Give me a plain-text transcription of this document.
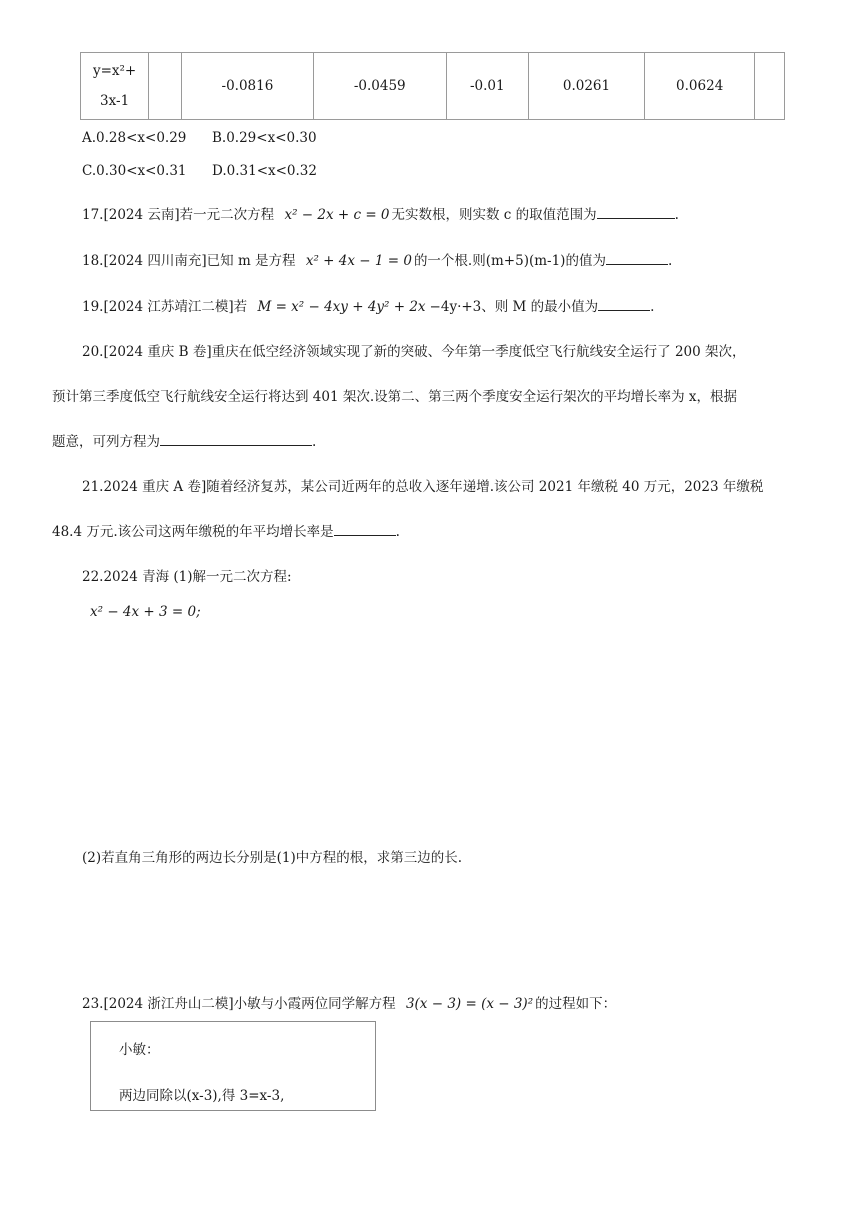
y=x²+
3x-1
		-0.0816	-0.0459	-0.01	0.0261	0.0624	
A.0.28<x<0.29 B.0.29<x<0.30
C.0.30<x<0.31 D.0.31<x<0.32
17.[2024 云南]若一元二次方程 x² − 2x + c = 0 无实数根，则实数 c 的取值范围为	.
18.[2024 四川南充]已知 m 是方程 x² + 4x − 1 = 0 的一个根.则(m+5)(m-1)的值为	.
19.[2024 江苏靖江二模]若 M = x² − 4xy + 4y² + 2x −4y·+3、则 M 的最小值为	.
20.[2024 重庆 B 卷]重庆在低空经济领域实现了新的突破、今年第一季度低空飞行航线安全运行了 200 架次，
预计第三季度低空飞行航线安全运行将达到 401 架次.设第二、第三两个季度安全运行架次的平均增长率为 x，根据
题意，可列方程为	.
21.2024 重庆 A 卷]随着经济复苏，某公司近两年的总收入逐年递增.该公司 2021 年缴税 40 万元，2023 年缴税
48.4 万元.该公司这两年缴税的年平均增长率是	.
22.2024 青海 (1)解一元二次方程:
x² − 4x + 3 = 0;
(2)若直角三角形的两边长分别是(1)中方程的根，求第三边的长.
23.[2024 浙江舟山二模]小敏与小霞两位同学解方程 3(x − 3) = (x − 3)² 的过程如下：
小敏：
两边同除以(x-3),得 3=x-3,
